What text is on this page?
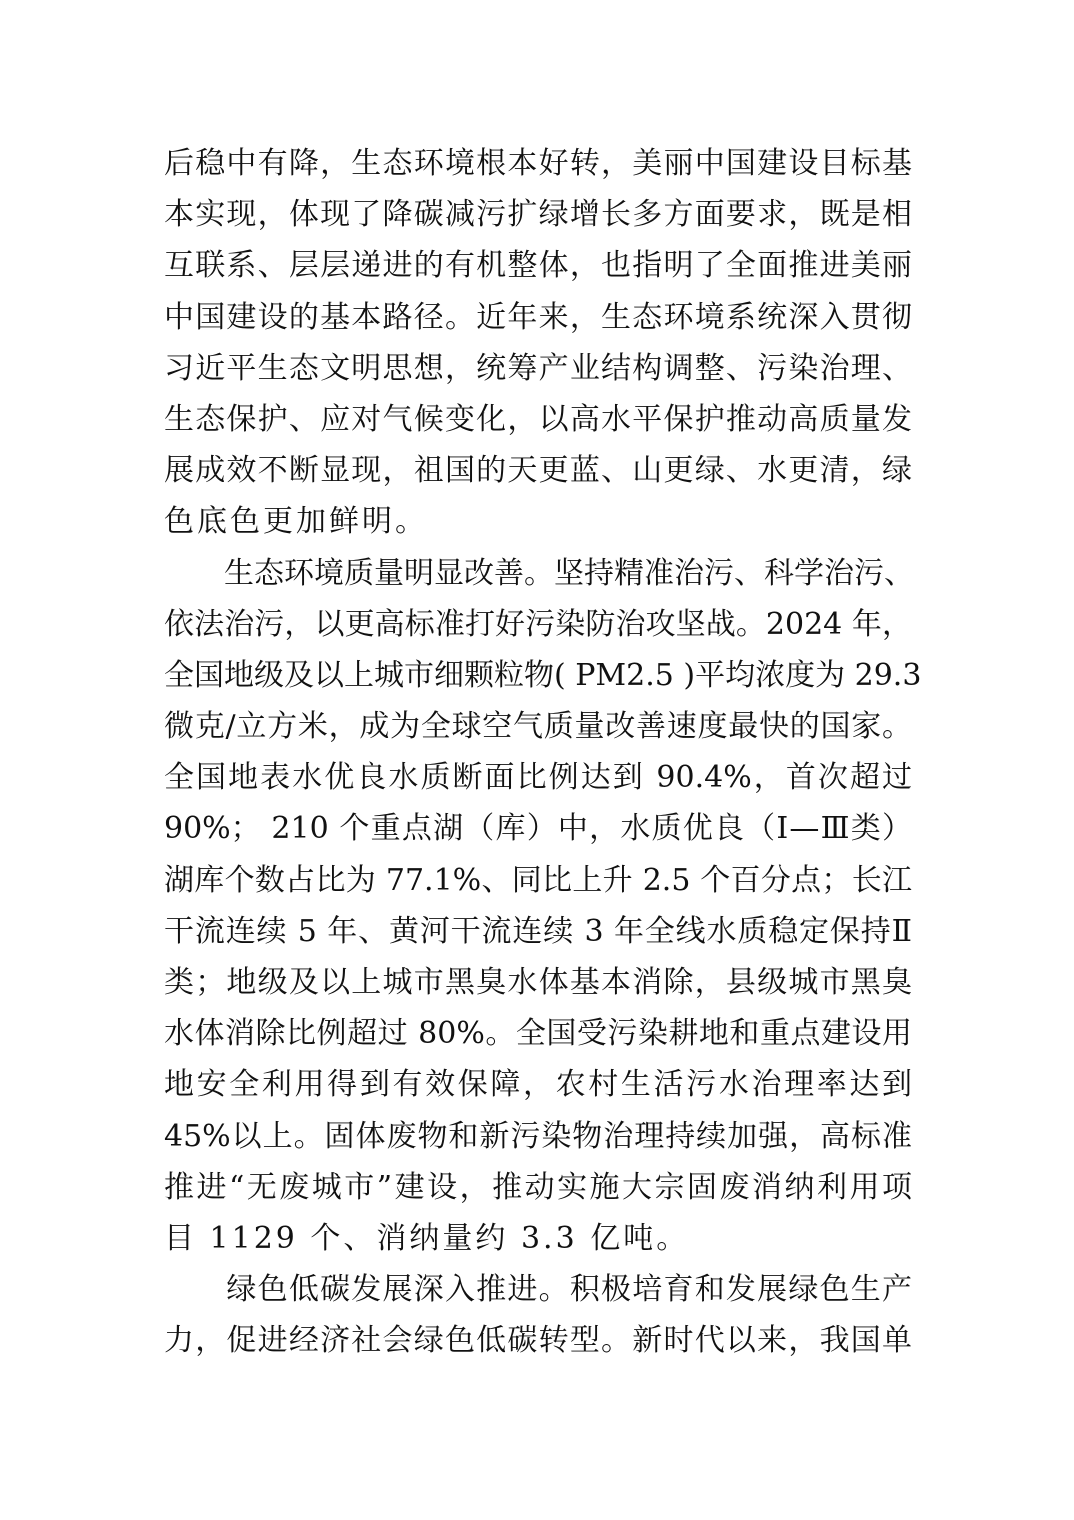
后稳中有降，生态环境根本好转，美丽中国建设目标基
本实现，体现了降碳减污扩绿增长多方面要求，既是相
互联系、层层递进的有机整体，也指明了全面推进美丽
中国建设的基本路径。近年来，生态环境系统深入贯彻
习近平生态文明思想，统筹产业结构调整、污染治理、
生态保护、应对气候变化，以高水平保护推动高质量发
展成效不断显现，祖国的天更蓝、山更绿、水更清，绿
色底色更加鲜明。
　　生态环境质量明显改善。坚持精准治污、科学治污、
依法治污，以更高标准打好污染防治攻坚战。2024 年，
全国地级及以上城市细颗粒物( PM2.5 )平均浓度为 29.3
微克/立方米，成为全球空气质量改善速度最快的国家。
全国地表水优良水质断面比例达到 90.4%，首次超过
90%； 210 个重点湖（库）中，水质优良（Ⅰ—Ⅲ类）
湖库个数占比为 77.1%、同比上升 2.5 个百分点；长江
干流连续 5 年、黄河干流连续 3 年全线水质稳定保持Ⅱ
类；地级及以上城市黑臭水体基本消除，县级城市黑臭
水体消除比例超过 80%。全国受污染耕地和重点建设用
地安全利用得到有效保障，农村生活污水治理率达到
45%以上。固体废物和新污染物治理持续加强，高标准
推进“无废城市”建设，推动实施大宗固废消纳利用项
目 1129 个、消纳量约 3.3 亿吨。
　　绿色低碳发展深入推进。积极培育和发展绿色生产
力，促进经济社会绿色低碳转型。新时代以来，我国单
